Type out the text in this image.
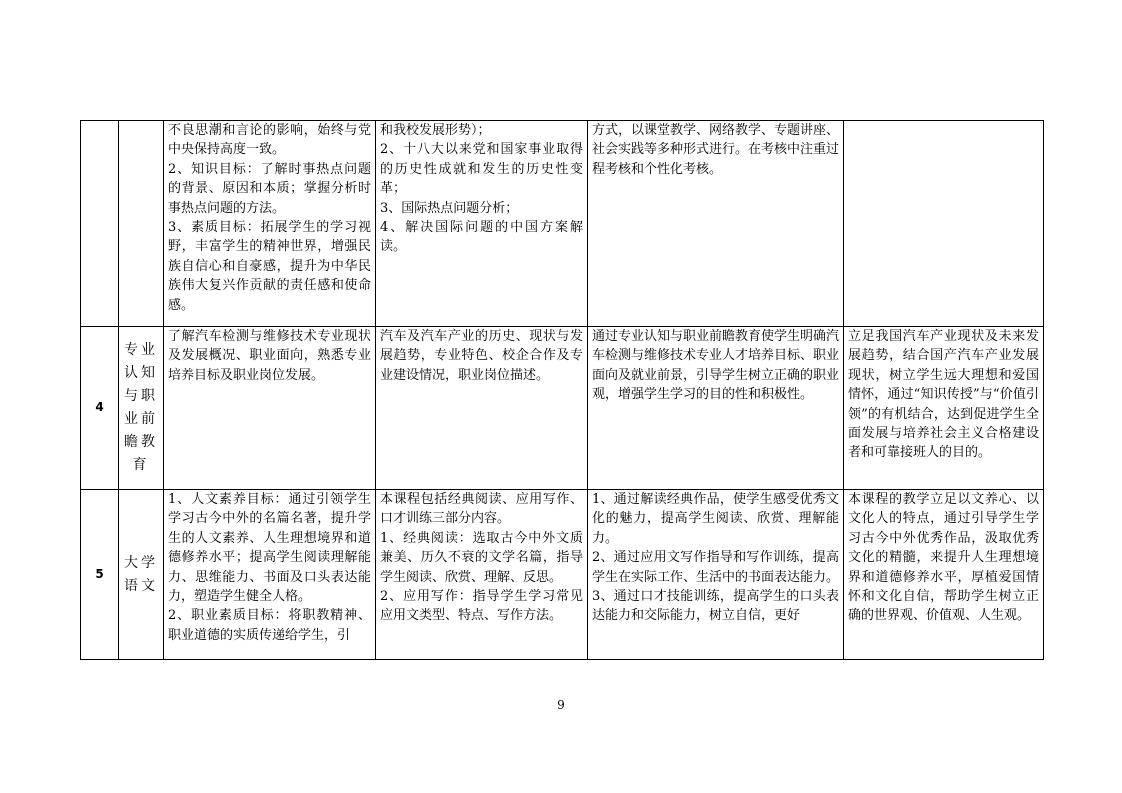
		不良思潮和言论的影响，始终与党中央保持高度一致。
2、知识目标：了解时事热点问题的背景、原因和本质；掌握分析时事热点问题的方法。
3、素质目标：拓展学生的学习视野，丰富学生的精神世界，增强民族自信心和自豪感，提升为中华民族伟大复兴作贡献的责任感和使命感。	和我校发展形势）；
2、十八大以来党和国家事业取得的历史性成就和发生的历史性变革；
3、国际热点问题分析；
4、解决国际问题的中国方案解读。	方式，以课堂教学、网络教学、专题讲座、社会实践等多种形式进行。在考核中注重过程考核和个性化考核。	

4	专业认知与职业前瞻教育	了解汽车检测与维修技术专业现状及发展概况、职业面向，熟悉专业培养目标及职业岗位发展。	汽车及汽车产业的历史、现状与发展趋势，专业特色、校企合作及专业建设情况，职业岗位描述。	通过专业认知与职业前瞻教育使学生明确汽车检测与维修技术专业人才培养目标、职业面向及就业前景，引导学生树立正确的职业观，增强学生学习的目的性和积极性。	立足我国汽车产业现状及未来发展趋势，结合国产汽车产业发展现状，树立学生远大理想和爱国情怀，通过“知识传授”与“价值引领”的有机结合，达到促进学生全面发展与培养社会主义合格建设者和可靠接班人的目的。

5	大学语文	1、人文素养目标：通过引领学生学习古今中外的名篇名著，提升学生的人文素养、人生理想境界和道德修养水平；提高学生阅读理解能力、思维能力、书面及口头表达能力，塑造学生健全人格。
2、职业素质目标：将职教精神、职业道德的实质传递给学生，引	本课程包括经典阅读、应用写作、口才训练三部分内容。
1、经典阅读：选取古今中外文质兼美、历久不衰的文学名篇，指导学生阅读、欣赏、理解、反思。
2、应用写作：指导学生学习常见应用文类型、特点、写作方法。	1、通过解读经典作品，使学生感受优秀文化的魅力，提高学生阅读、欣赏、理解能力。
2、通过应用文写作指导和写作训练，提高学生在实际工作、生活中的书面表达能力。
3、通过口才技能训练，提高学生的口头表达能力和交际能力，树立自信，更好	本课程的教学立足以文养心、以文化人的特点，通过引导学生学习古今中外优秀作品，汲取优秀文化的精髓，来提升人生理想境界和道德修养水平，厚植爱国情怀和文化自信，帮助学生树立正确的世界观、价值观、人生观。
9
